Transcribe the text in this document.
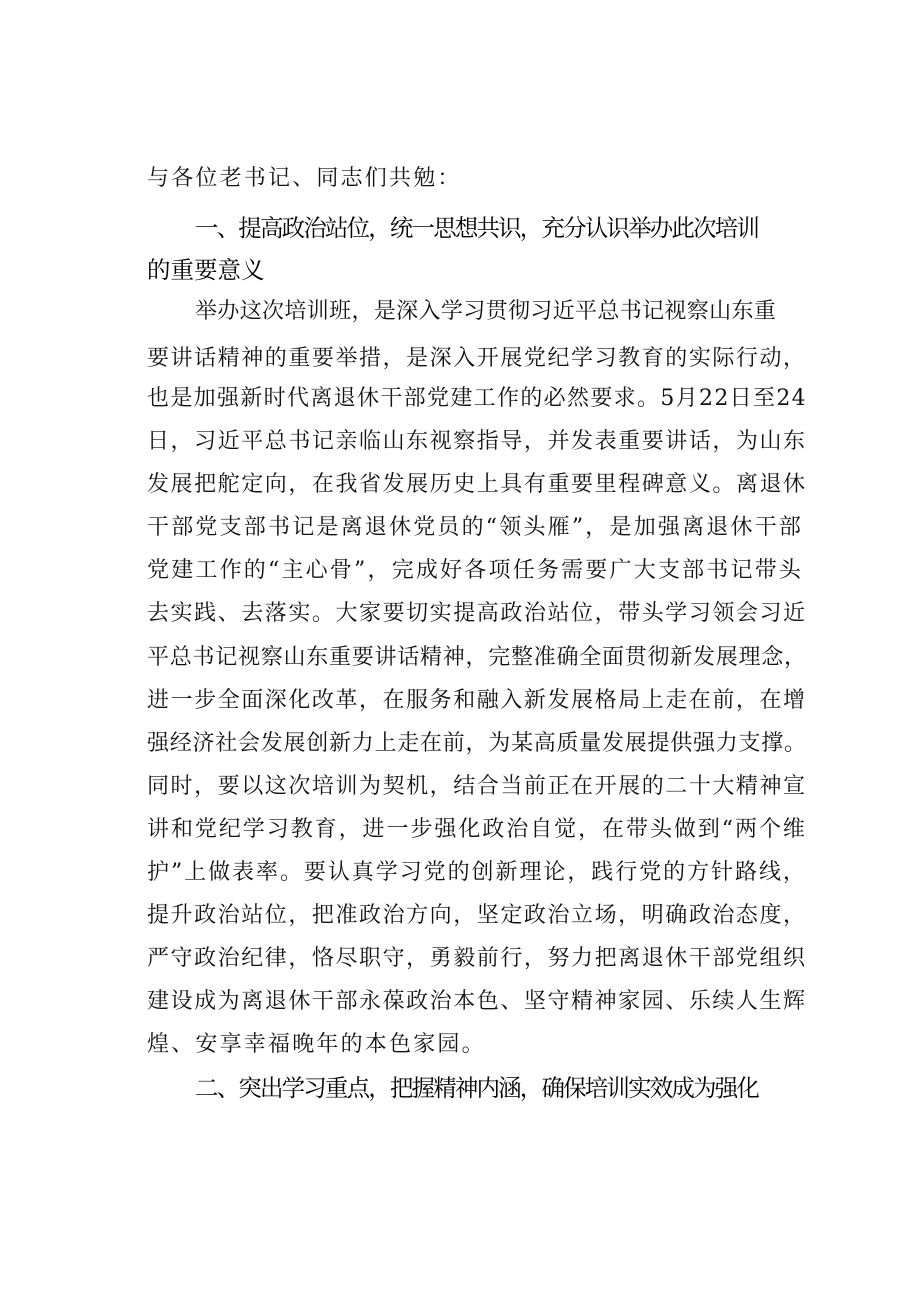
与各位老书记、同志们共勉：
一、提高政治站位，统一思想共识，充分认识举办此次培训
的重要意义
举办这次培训班，是深入学习贯彻习近平总书记视察山东重
要讲话精神的重要举措，是深入开展党纪学习教育的实际行动，
也是加强新时代离退休干部党建工作的必然要求。5月22日至24
日，习近平总书记亲临山东视察指导，并发表重要讲话，为山东
发展把舵定向，在我省发展历史上具有重要里程碑意义。离退休
干部党支部书记是离退休党员的“领头雁”，是加强离退休干部
党建工作的“主心骨”，完成好各项任务需要广大支部书记带头
去实践、去落实。大家要切实提高政治站位，带头学习领会习近
平总书记视察山东重要讲话精神，完整准确全面贯彻新发展理念，
进一步全面深化改革，在服务和融入新发展格局上走在前，在增
强经济社会发展创新力上走在前，为某高质量发展提供强力支撑。
同时，要以这次培训为契机，结合当前正在开展的二十大精神宣
讲和党纪学习教育，进一步强化政治自觉，在带头做到“两个维
护”上做表率。要认真学习党的创新理论，践行党的方针路线，
提升政治站位，把准政治方向，坚定政治立场，明确政治态度，
严守政治纪律，恪尽职守，勇毅前行，努力把离退休干部党组织
建设成为离退休干部永葆政治本色、坚守精神家园、乐续人生辉
煌、安享幸福晚年的本色家园。
二、突出学习重点，把握精神内涵，确保培训实效成为强化
